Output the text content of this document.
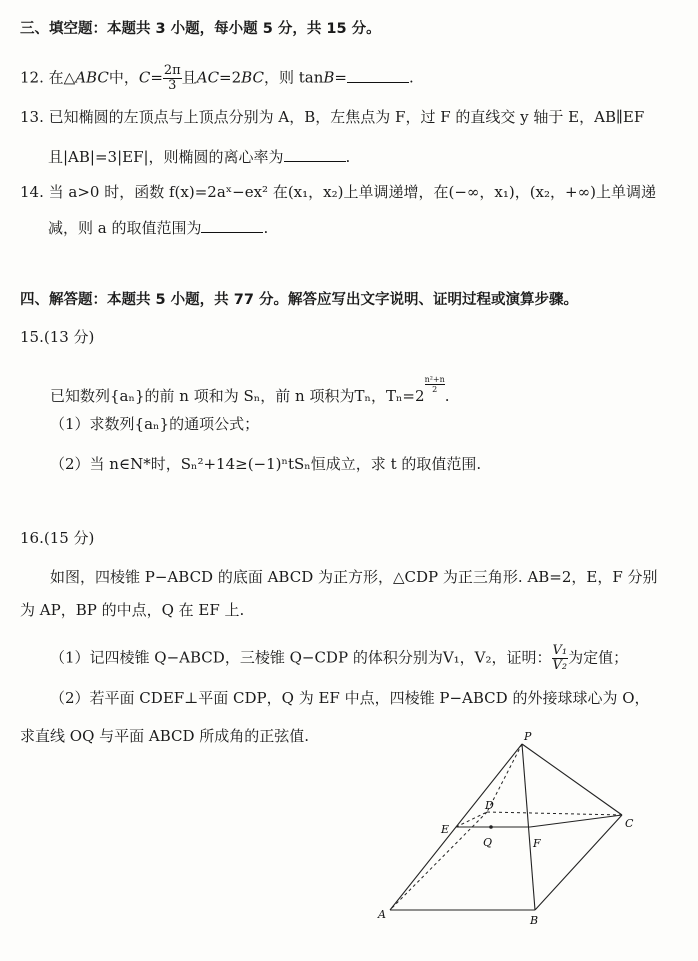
三、填空题：本题共 3 小题，每小题 5 分，共 15 分。
12. 在△ABC中，$C= \frac{2\pi}{3}$ 且AC=2BC，则 tanB=	.
13. 已知椭圆的左顶点与上顶点分别为 A，B，左焦点为 F，过 F 的直线交 y 轴于 E，AB∥EF
且|AB|=3|EF|，则椭圆的离心率为	.
14. 当 a>0 时，函数 f(x)=2aˣ−ex² 在(x₁，x₂)上单调递增，在(−∞，x₁)，(x₂，+∞)上单调递
减，则 a 的取值范围为	.
四、解答题：本题共 5 小题，共 77 分。解答应写出文字说明、证明过程或演算步骤。
15.(13 分)
已知数列{aₙ}的前 n 项和为 Sₙ，前 n 项积为Tₙ，Tₙ=2
$^{\frac{\text{n²+n}}{2}}$
.
（1）求数列{aₙ}的通项公式；
（2）当 n∈N*时，Sₙ²+14≥(−1)ⁿtSₙ恒成立，求 t 的取值范围.
16.(15 分)
如图，四棱锥 P−ABCD 的底面 ABCD 为正方形，△CDP 为正三角形. AB=2，E，F 分别
为 AP，BP 的中点，Q 在 EF 上.
（1）记四棱锥 Q−ABCD，三棱锥 Q−CDP 的体积分别为V₁，V₂，证明： $\frac{\text{V₁}}{\text{V₂}}$ 为定值；
（2）若平面 CDEF⊥平面 CDP，Q 为 EF 中点，四棱锥 P−ABCD 的外接球球心为 O，
求直线 OQ 与平面 ABCD 所成角的正弦值.	P
D
C
E
Q	F
A	B
